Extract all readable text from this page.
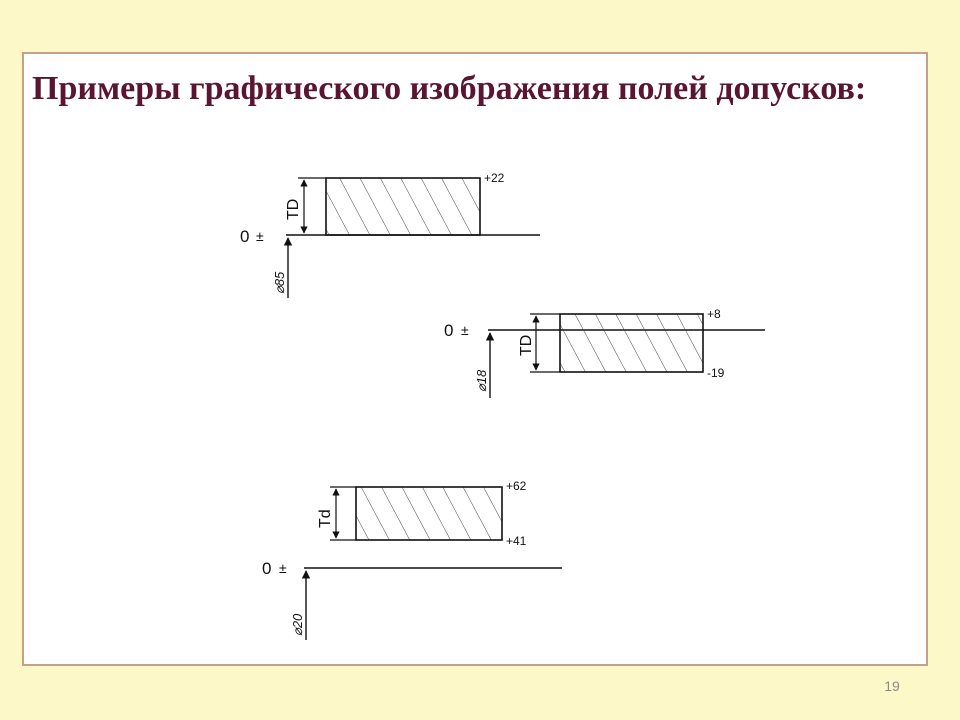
Примеры графического изображения полей допусков:
TD
+22
0 ±
⌀85
TD
+8
-19
0 ±
⌀18
Td
+62
+41
0 ±
⌀20
19
